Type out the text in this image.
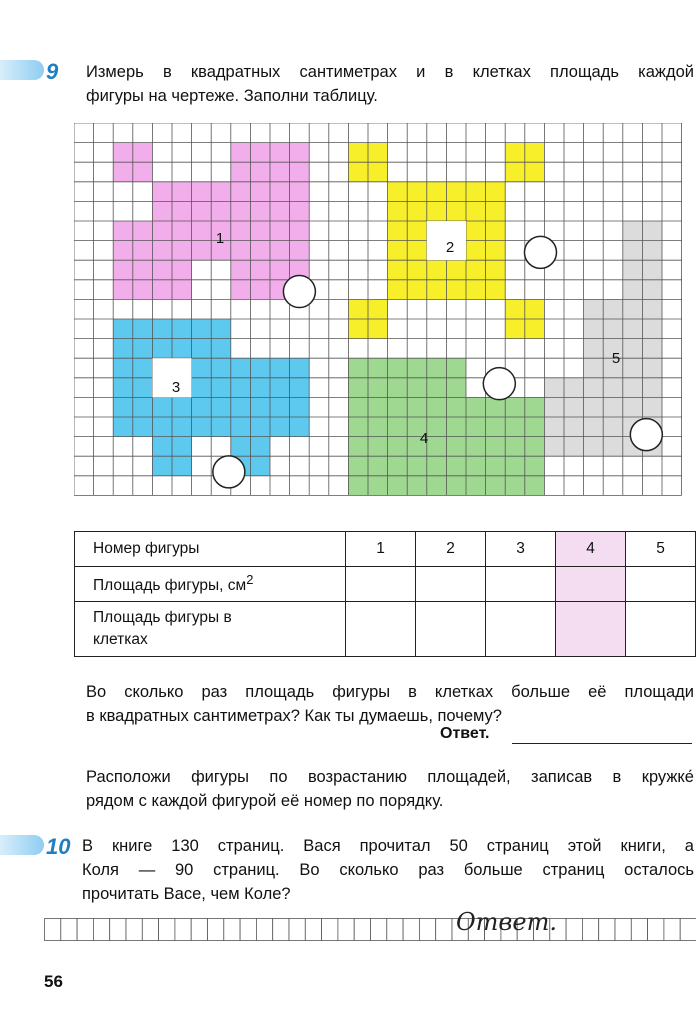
9 Измерь в квадратных сантиметрах и в клетках площадь каждой
фигуры на чертеже. Заполни таблицу.
1
2
3
4
5
Номер фигуры	1	2	3	4	5
Площадь фигуры, $см^2$					

Площадь фигуры в
клетках					

Во сколько раз площадь фигуры в клетках больше её площади
в квадратных сантиметрах? Как ты думаешь, почему?
Ответ.
Расположи фигуры по возрастанию площадей, записав в кружке́
рядом с каждой фигурой её номер по порядку.
10 В книге 130 страниц. Вася прочитал 50 страниц этой книги, а
Коля — 90 страниц. Во сколько раз больше страниц осталось
прочитать Васе, чем Коле?
Ответ.
56
